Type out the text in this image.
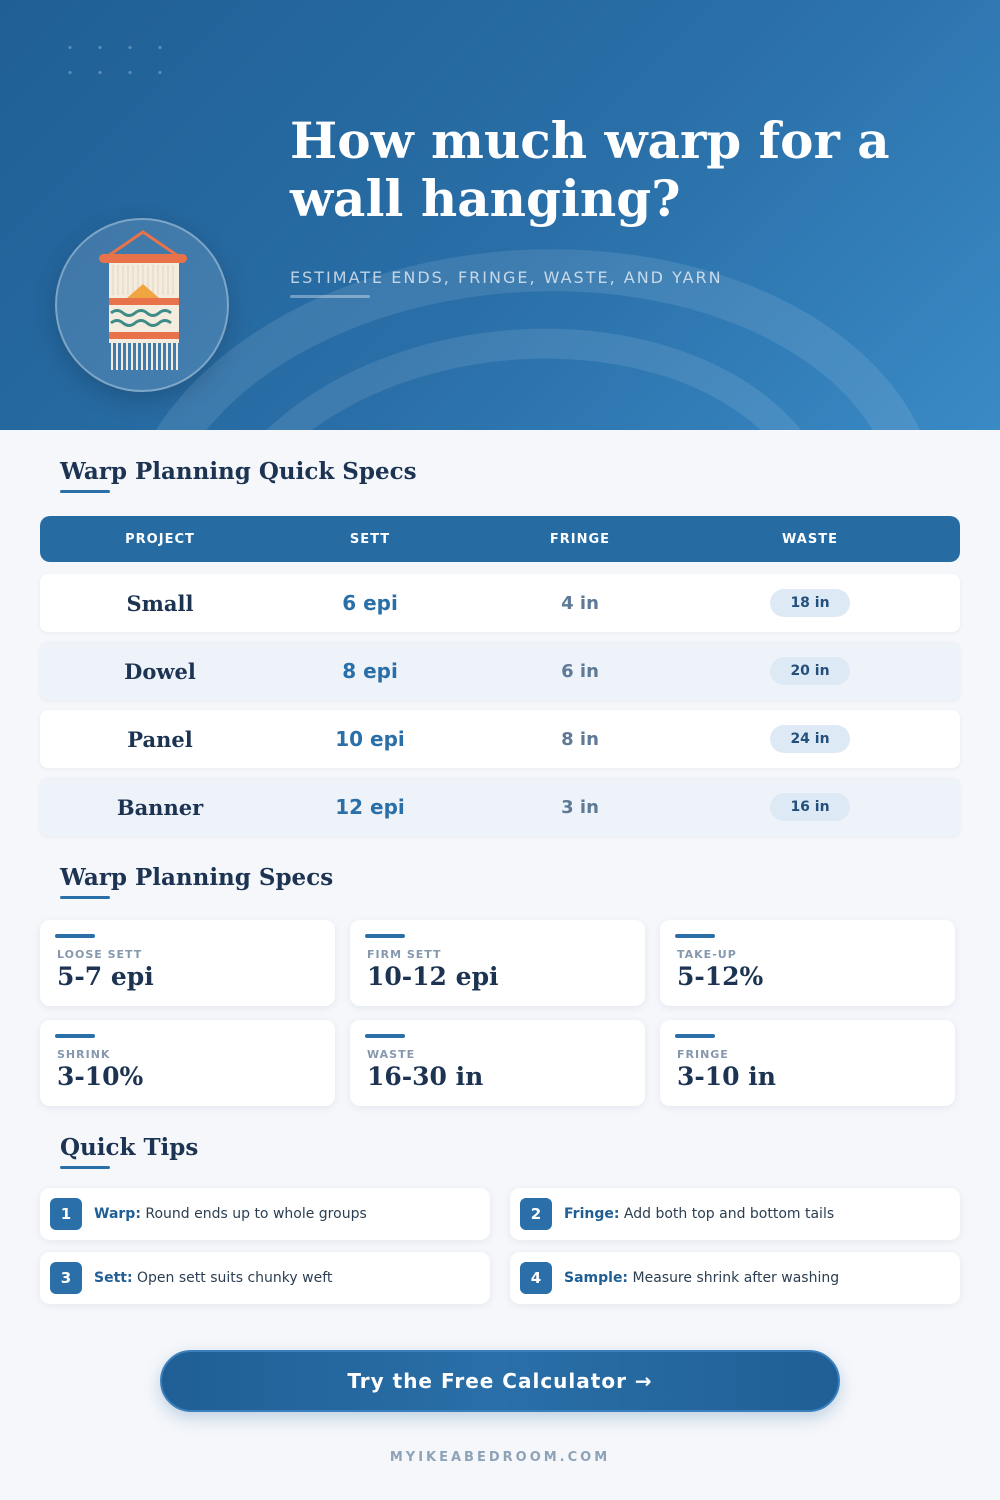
How much warp for a wall hanging?
ESTIMATE ENDS, FRINGE, WASTE, AND YARN
Warp Planning Quick Specs
PROJECT	SETT	FRINGE	WASTE
Small	6 epi	4 in	18 in
Dowel	8 epi	6 in	20 in
Panel	10 epi	8 in	24 in
Banner	12 epi	3 in	16 in
Warp Planning Specs
LOOSE SETT
5-7 epi
FIRM SETT
10-12 epi
TAKE-UP
5-12%
SHRINK
3-10%
WASTE
16-30 in
FRINGE
3-10 in
Quick Tips
1	Warp: Round ends up to whole groups	2	Fringe: Add both top and bottom tails
3	Sett: Open sett suits chunky weft	4	Sample: Measure shrink after washing
Try the Free Calculator →
MYIKEABEDROOM.COM
